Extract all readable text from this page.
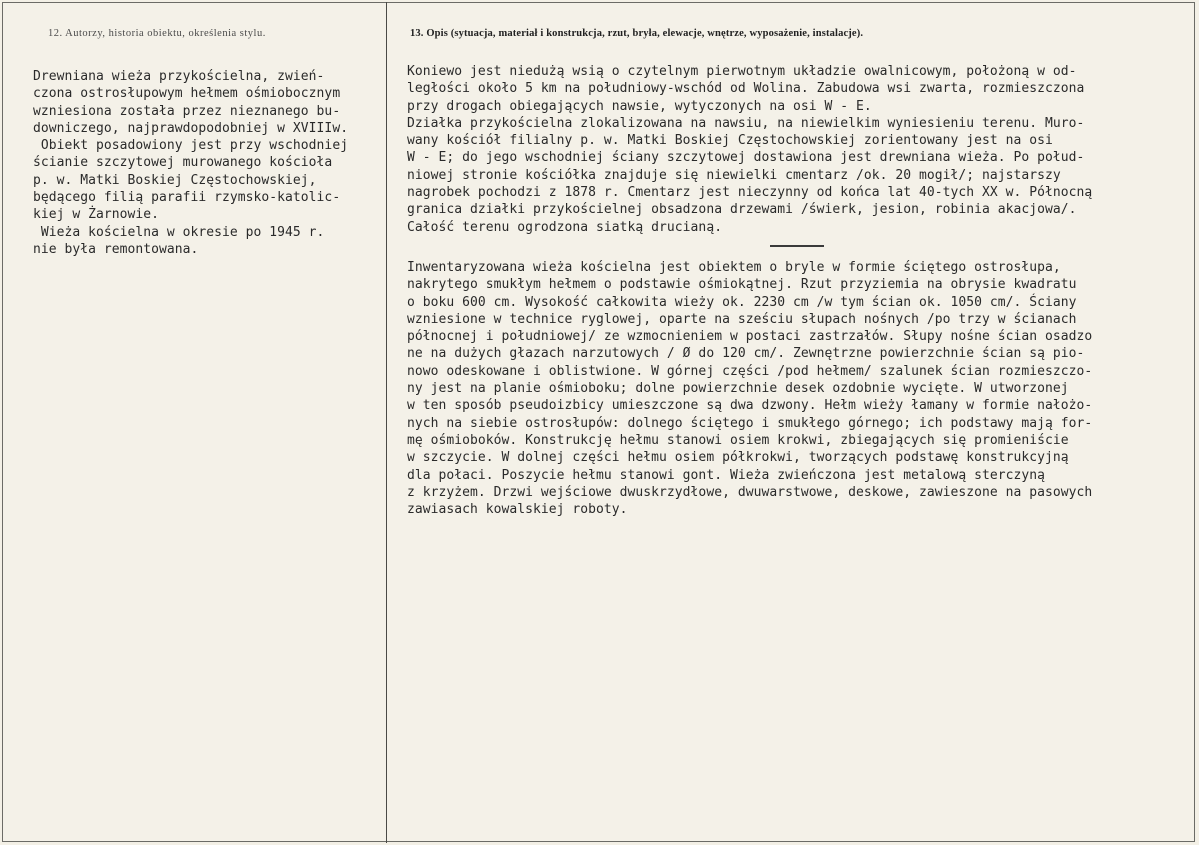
12. Autorzy, historia obiektu, określenia stylu.	13. Opis (sytuacja, materiał i konstrukcja, rzut, bryła, elewacje, wnętrze, wyposażenie, instalacje).

Drewniana wieża przykościelna, zwień-
czona ostrosłupowym hełmem ośmiobocznym
wzniesiona została przez nieznanego bu-
downiczego, najprawdopodobniej w XVIIIw.
Obiekt posadowiony jest przy wschodniej
ścianie szczytowej murowanego kościoła
p. w. Matki Boskiej Częstochowskiej,
będącego filią parafii rzymsko-katolic-
kiej w Żarnowie.
Wieża kościelna w okresie po 1945 r.
nie była remontowana.
Koniewo jest niedużą wsią o czytelnym pierwotnym układzie owalnicowym, położoną w od-
ległości około 5 km na południowy-wschód od Wolina. Zabudowa wsi zwarta, rozmieszczona
przy drogach obiegających nawsie, wytyczonych na osi W - E.
Działka przykościelna zlokalizowana na nawsiu, na niewielkim wyniesieniu terenu. Muro-
wany kościół filialny p. w. Matki Boskiej Częstochowskiej zorientowany jest na osi
W - E; do jego wschodniej ściany szczytowej dostawiona jest drewniana wieża. Po połud-
niowej stronie kościółka znajduje się niewielki cmentarz /ok. 20 mogił/; najstarszy
nagrobek pochodzi z 1878 r. Cmentarz jest nieczynny od końca lat 40-tych XX w. Północną
granica działki przykościelnej obsadzona drzewami /świerk, jesion, robinia akacjowa/.
Całość terenu ogrodzona siatką drucianą.
Inwentaryzowana wieża kościelna jest obiektem o bryle w formie ściętego ostrosłupa,
nakrytego smukłym hełmem o podstawie ośmiokątnej. Rzut przyziemia na obrysie kwadratu
o boku 600 cm. Wysokość całkowita wieży ok. 2230 cm /w tym ścian ok. 1050 cm/. Ściany
wzniesione w technice ryglowej, oparte na sześciu słupach nośnych /po trzy w ścianach
północnej i południowej/ ze wzmocnieniem w postaci zastrzałów. Słupy nośne ścian osadzo
ne na dużych głazach narzutowych / Ø do 120 cm/. Zewnętrzne powierzchnie ścian są pio-
nowo odeskowane i oblistwione. W górnej części /pod hełmem/ szalunek ścian rozmieszczo-
ny jest na planie ośmioboku; dolne powierzchnie desek ozdobnie wycięte. W utworzonej
w ten sposób pseudoizbicy umieszczone są dwa dzwony. Hełm wieży łamany w formie nałożo-
nych na siebie ostrosłupów: dolnego ściętego i smukłego górnego; ich podstawy mają for-
mę ośmioboków. Konstrukcję hełmu stanowi osiem krokwi, zbiegających się promieniście
w szczycie. W dolnej części hełmu osiem półkrokwi, tworzących podstawę konstrukcyjną
dla połaci. Poszycie hełmu stanowi gont. Wieża zwieńczona jest metalową sterczyną
z krzyżem. Drzwi wejściowe dwuskrzydłowe, dwuwarstwowe, deskowe, zawieszone na pasowych
zawiasach kowalskiej roboty.
